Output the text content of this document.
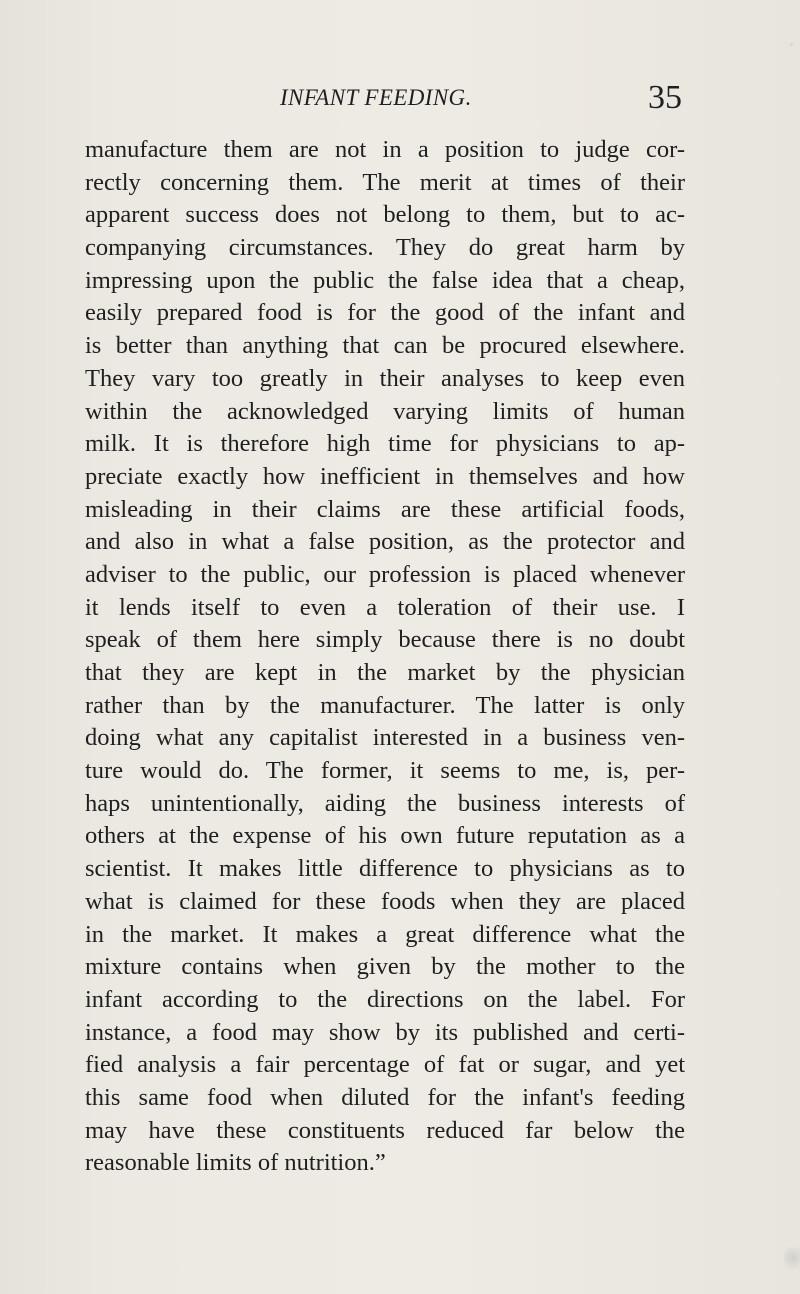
INFANT FEEDING.	35
manufacture them are not in a position to judge cor-
rectly concerning them. The merit at times of their
apparent success does not belong to them, but to ac-
companying circumstances. They do great harm by
impressing upon the public the false idea that a cheap,
easily prepared food is for the good of the infant and
is better than anything that can be procured elsewhere.
They vary too greatly in their analyses to keep even
within the acknowledged varying limits of human
milk. It is therefore high time for physicians to ap-
preciate exactly how inefficient in themselves and how
misleading in their claims are these artificial foods,
and also in what a false position, as the protector and
adviser to the public, our profession is placed whenever
it lends itself to even a toleration of their use. I
speak of them here simply because there is no doubt
that they are kept in the market by the physician
rather than by the manufacturer. The latter is only
doing what any capitalist interested in a business ven-
ture would do. The former, it seems to me, is, per-
haps unintentionally, aiding the business interests of
others at the expense of his own future reputation as a
scientist. It makes little difference to physicians as to
what is claimed for these foods when they are placed
in the market. It makes a great difference what the
mixture contains when given by the mother to the
infant according to the directions on the label. For
instance, a food may show by its published and certi-
fied analysis a fair percentage of fat or sugar, and yet
this same food when diluted for the infant's feeding
may have these constituents reduced far below the
reasonable limits of nutrition.”
